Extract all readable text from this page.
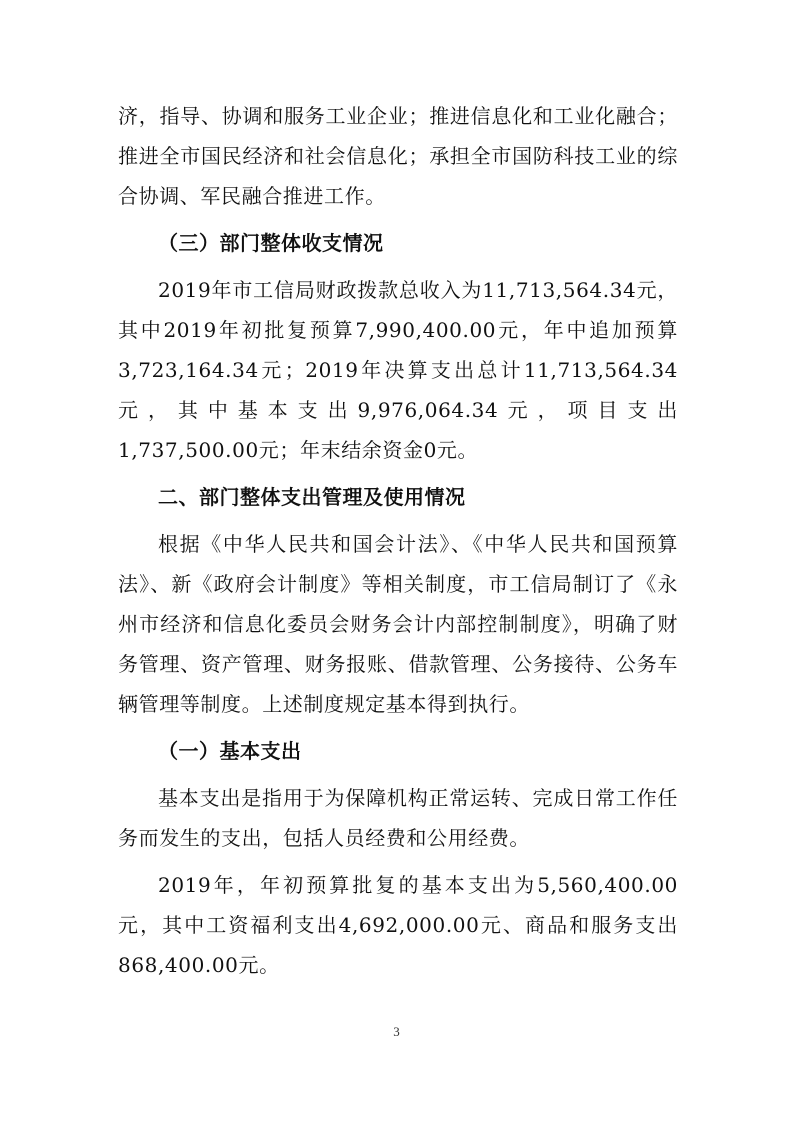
济，指导、协调和服务工业企业；推进信息化和工业化融合；推进全市国民经济和社会信息化；承担全市国防科技工业的综合协调、军民融合推进工作。

（三）部门整体收支情况

2019年市工信局财政拨款总收入为11,713,564.34元，其中2019年初批复预算7,990,400.00元，年中追加预算3,723,164.34元；2019年决算支出总计11,713,564.34元，其中基本支出9,976,064.34元，项目支出1,737,500.00元；年末结余资金0元。

二、部门整体支出管理及使用情况

根据《中华人民共和国会计法》、《中华人民共和国预算法》、新《政府会计制度》等相关制度，市工信局制订了《永州市经济和信息化委员会财务会计内部控制制度》，明确了财务管理、资产管理、财务报账、借款管理、公务接待、公务车辆管理等制度。上述制度规定基本得到执行。

（一）基本支出

基本支出是指用于为保障机构正常运转、完成日常工作任务而发生的支出，包括人员经费和公用经费。

2019年，年初预算批复的基本支出为5,560,400.00元，其中工资福利支出4,692,000.00元、商品和服务支出868,400.00元。

3
